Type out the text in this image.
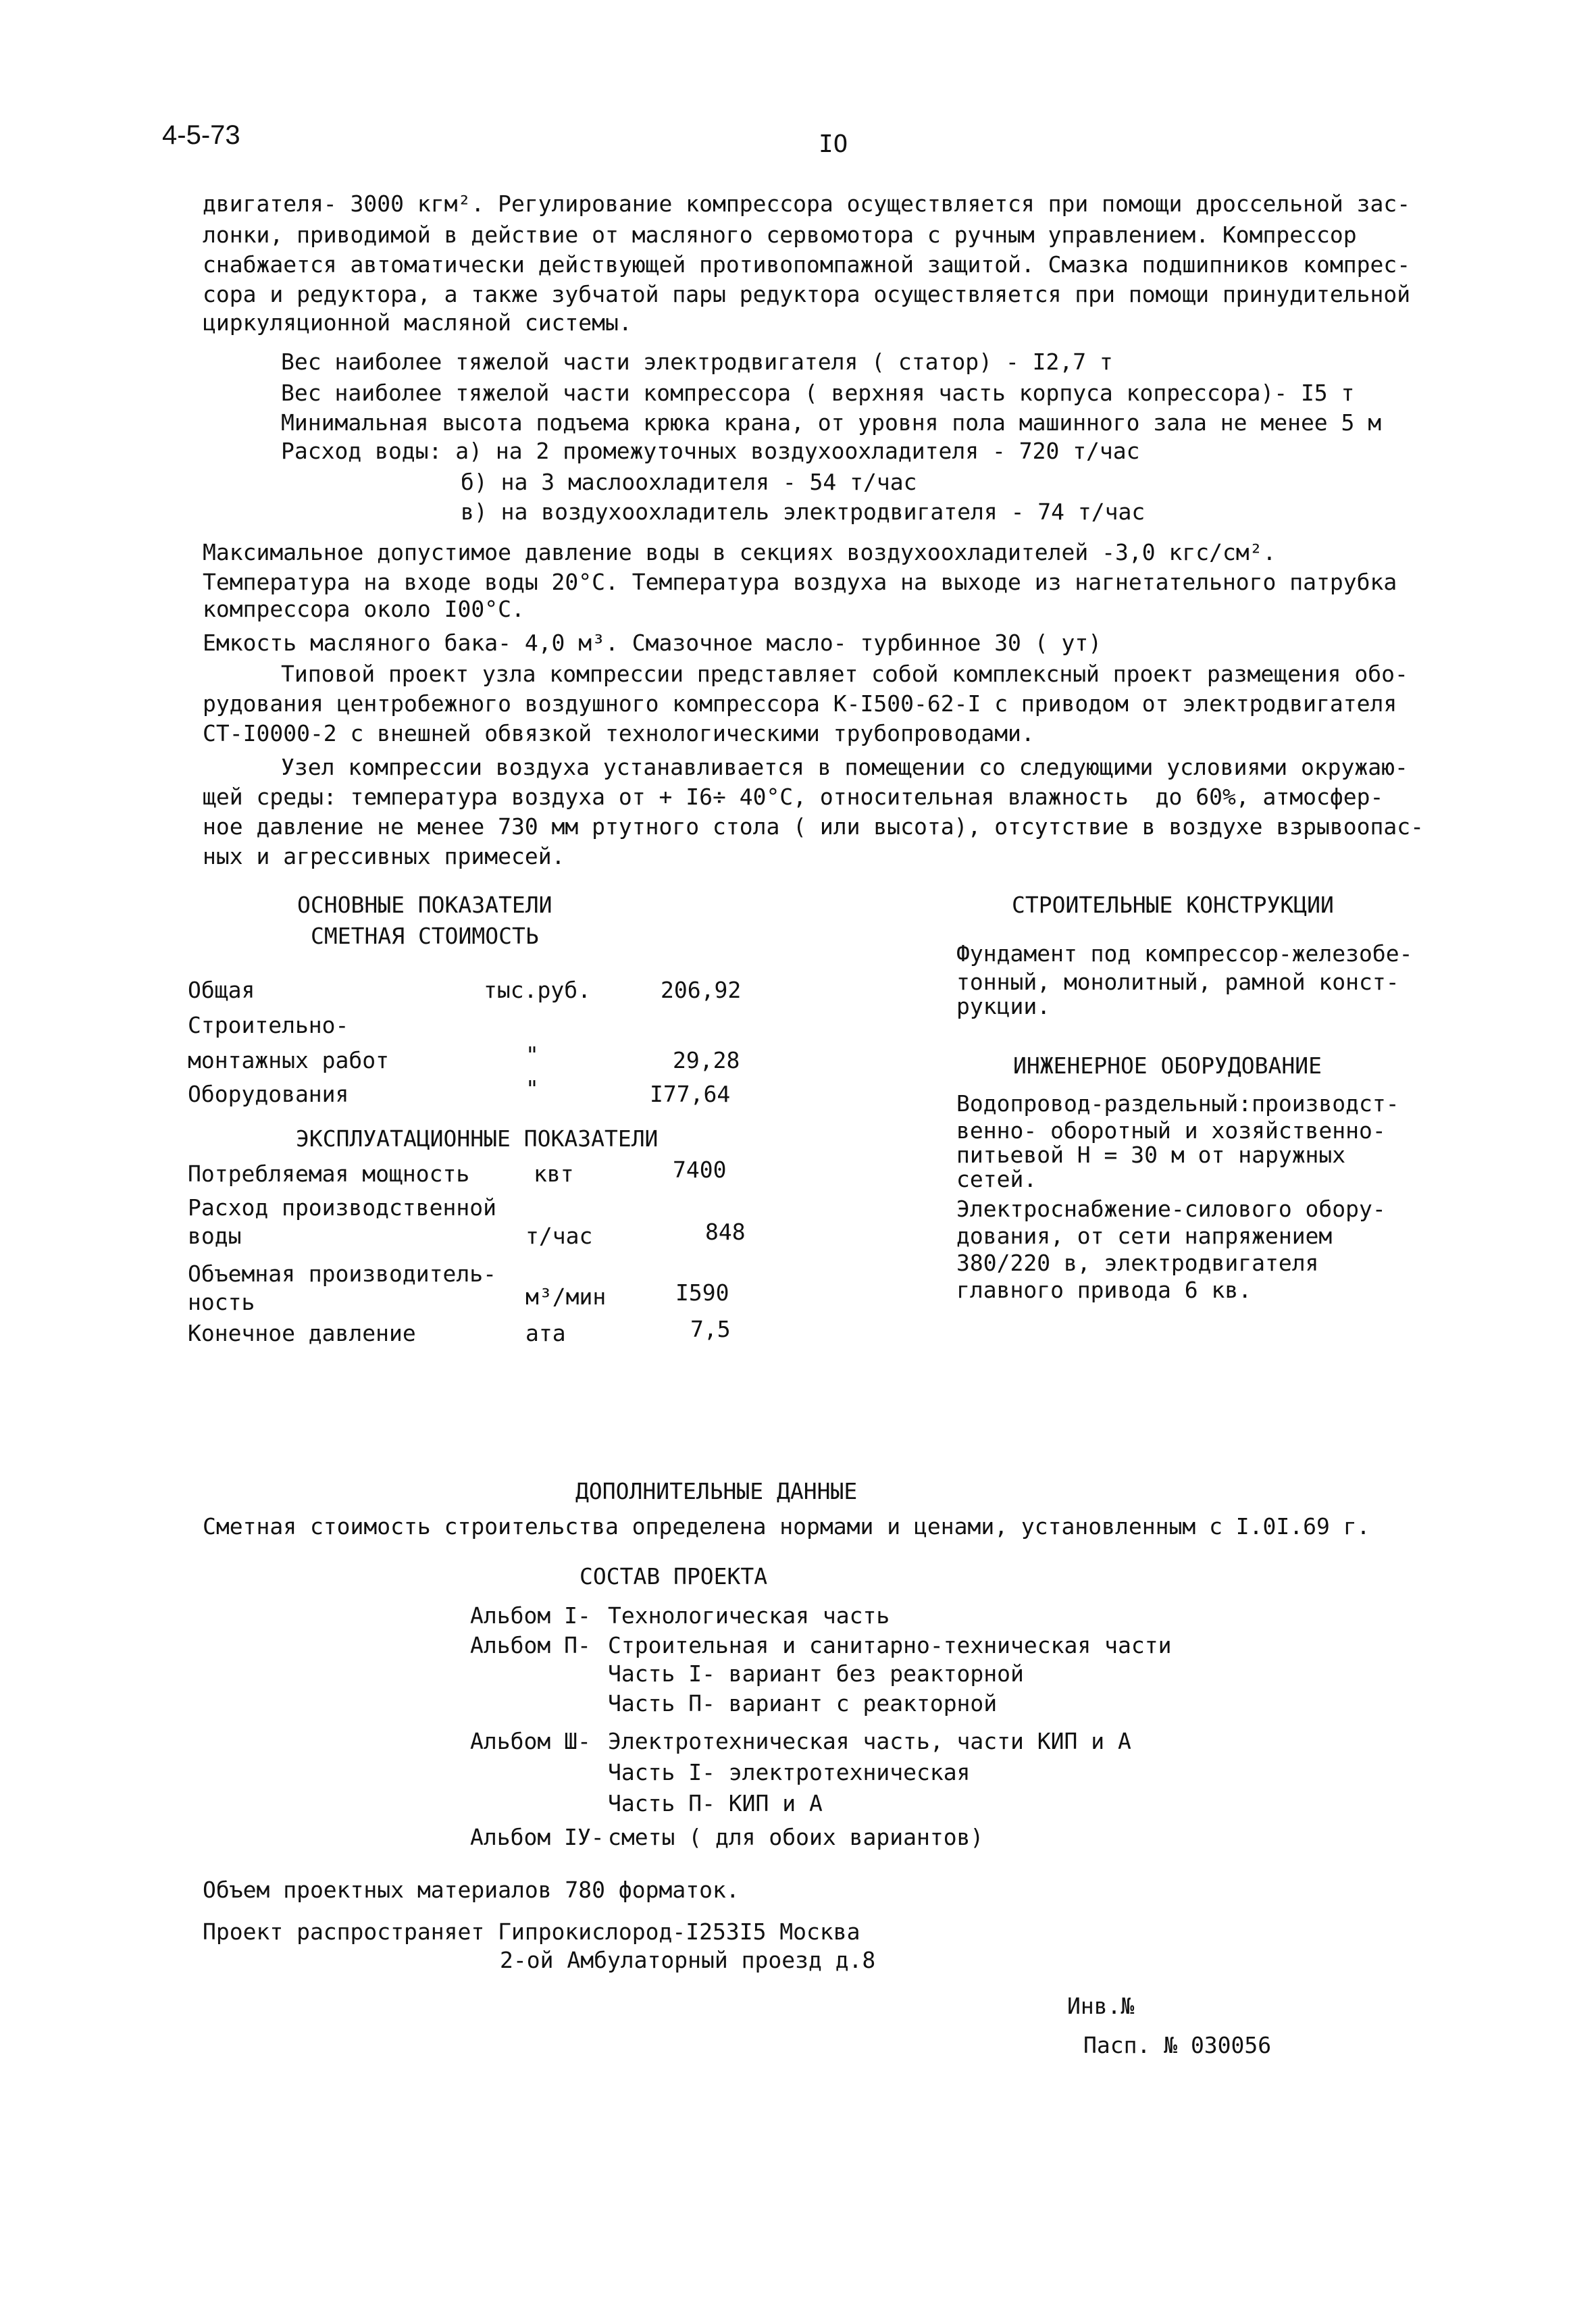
4-5-73	IO
двигателя- 3000 кгм². Регулирование компрессора осуществляется при помощи дроссельной зас-
лонки, приводимой в действие от масляного сервомотора с ручным управлением. Компрессор
снабжается автоматически действующей противопомпажной защитой. Смазка подшипников компрес-
сора и редуктора, а также зубчатой пары редуктора осуществляется при помощи принудительной
циркуляционной масляной системы.
Вес наиболее тяжелой части электродвигателя ( статор) - I2,7 т
Вес наиболее тяжелой части компрессора ( верхняя часть корпуса копрессора)- I5 т
Минимальная высота подъема крюка крана, от уровня пола машинного зала не менее 5 м
Расход воды: а) на 2 промежуточных воздухоохладителя - 720 т/час
б) на 3 маслоохладителя - 54 т/час
в) на воздухоохладитель электродвигателя - 74 т/час
Максимальное допустимое давление воды в секциях воздухоохладителей -3,0 кгс/см².
Температура на входе воды 20°С. Температура воздуха на выходе из нагнетательного патрубка
компрессора около I00°С.
Емкость масляного бака- 4,0 м³. Смазочное масло- турбинное 30 ( ут)
Типовой проект узла компрессии представляет собой комплексный проект размещения обо-
рудования центробежного воздушного компрессора К-I500-62-I с приводом от электродвигателя
СТ-I0000-2 с внешней обвязкой технологическими трубопроводами.
Узел компрессии воздуха устанавливается в помещении со следующими условиями окружаю-
щей среды: температура воздуха от + I6÷ 40°С, относительная влажность  до 60%, атмосфер-
ное давление не менее 730 мм ртутного стола ( или высота), отсутствие в воздухе взрывоопас-
ных и агрессивных примесей.
ОСНОВНЫЕ ПОКАЗАТЕЛИ
СМЕТНАЯ СТОИМОСТЬ
Общая	тыс.руб.	206,92
Строительно-
монтажных работ	"	29,28
Оборудования	"	I77,64
ЭКСПЛУАТАЦИОННЫЕ ПОКАЗАТЕЛИ
Потребляемая мощность	квт	7400
Расход производственной
воды	т/час	848
Объемная производитель-
ность	м³/мин	I590
Конечное давление	ата	7,5
СТРОИТЕЛЬНЫЕ КОНСТРУКЦИИ
Фундамент под компрессор-железобе-
тонный, монолитный, рамной конст-
рукции.
ИНЖЕНЕРНОЕ ОБОРУДОВАНИЕ
Водопровод-раздельный:производст-
венно- оборотный и хозяйственно-
питьевой Н = 30 м от наружных
сетей.
Электроснабжение-силового обору-
дования, от сети напряжением
380/220 в, электродвигателя
главного привода 6 кв.
ДОПОЛНИТЕЛЬНЫЕ ДАННЫЕ
Сметная стоимость строительства определена нормами и ценами, установленным с I.0I.69 г.
СОСТАВ ПРОЕКТА
Альбом I- Технологическая часть
Альбом П- Строительная и санитарно-техническая части
Часть I- вариант без реакторной
Часть П- вариант с реакторной
Альбом Ш- Электротехническая часть, части КИП и А
Часть I- электротехническая
Часть П- КИП и А
Альбом IУ- сметы ( для обоих вариантов)
Объем проектных материалов 780 форматок.
Проект распространяет Гипрокислород-I253I5 Москва
2-ой Амбулаторный проезд д.8
Инв.№
Пасп. № 030056
